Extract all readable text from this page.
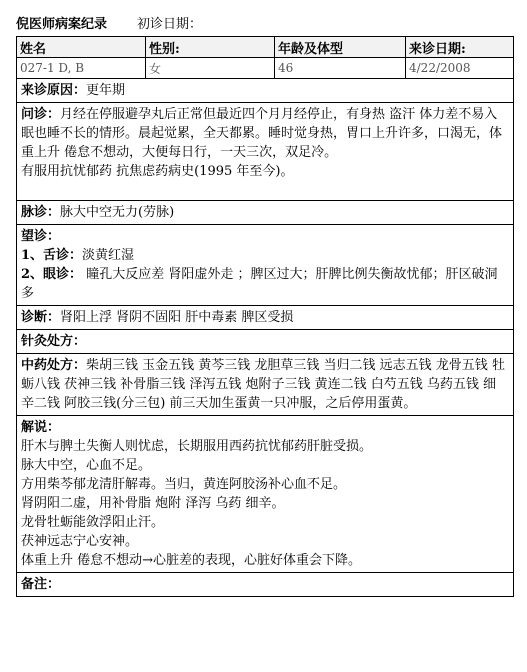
倪医师病案纪录 初诊日期：
姓名	性别:	年龄及体型	来诊日期:
027-1 D, B	女	46	4/22/2008
来诊原因：更年期
问诊：月经在停服避孕丸后正常但最近四个月月经停止，有身热 盗汗 体力差不易入眠也睡不长的情形。晨起觉累，全天都累。睡时觉身热，胃口上升许多，口渴无，体重上升 倦怠不想动，大便每日行，一天三次，双足冷。
有服用抗忧郁药 抗焦虑药病史(1995 年至今)。
脉诊：脉大中空无力(劳脉)
望诊：
1、舌诊：淡黄红湿
2、眼诊： 瞳孔大反应差 肾阳虚外走 ；脾区过大；肝脾比例失衡故忧郁；肝区破洞多
诊断：肾阳上浮 肾阴不固阳 肝中毒素 脾区受损
针灸处方：
中药处方：柴胡三钱 玉金五钱 黄芩三钱 龙胆草三钱 当归二钱 远志五钱 龙骨五钱 牡蛎八钱 茯神三钱 补骨脂三钱 泽泻五钱 炮附子三钱 黄连二钱 白芍五钱 乌药五钱 细辛二钱 阿胶三钱(分三包) 前三天加生蛋黄一只冲服，之后停用蛋黄。
解说：
肝木与脾土失衡人则忧虑，长期服用西药抗忧郁药肝脏受损。
脉大中空，心血不足。
方用柴芩郁龙清肝解毒。当归，黄连阿胶汤补心血不足。
肾阴阳二虚，用补骨脂 炮附 泽泻 乌药 细辛。
龙骨牡蛎能敛浮阳止汗。
茯神远志宁心安神。
体重上升 倦怠不想动→心脏差的表现，心脏好体重会下降。
备注：
